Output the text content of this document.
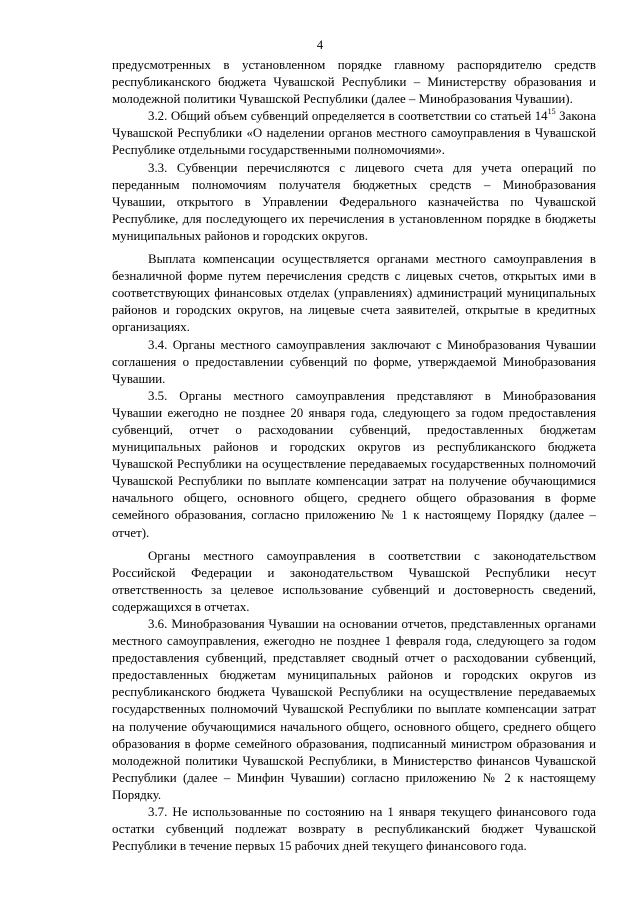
4

предусмотренных в установленном порядке главному распорядителю средств республиканского бюджета Чувашской Республики – Министерству образования и молодежной политики Чувашской Республики (далее – Минобразования Чувашии).

3.2. Общий объем субвенций определяется в соответствии со статьей $14^{15}$ Закона Чувашской Республики «О наделении органов местного самоуправления в Чувашской Республике отдельными государственными полномочиями».

3.3. Субвенции перечисляются с лицевого счета для учета операций по переданным полномочиям получателя бюджетных средств – Минобразования Чувашии, открытого в Управлении Федерального казначейства по Чувашской Республике, для последующего их перечисления в установленном порядке в бюджеты муниципальных районов и городских округов.

Выплата компенсации осуществляется органами местного самоуправления в безналичной форме путем перечисления средств с лицевых счетов, открытых ими в соответствующих финансовых отделах (управлениях) администраций муниципальных районов и городских округов, на лицевые счета заявителей, открытые в кредитных организациях.

3.4. Органы местного самоуправления заключают с Минобразования Чувашии соглашения о предоставлении субвенций по форме, утверждаемой Минобразования Чувашии.

3.5. Органы местного самоуправления представляют в Минобразования Чувашии ежегодно не позднее 20 января года, следующего за годом предоставления субвенций, отчет о расходовании субвенций, предоставленных бюджетам муниципальных районов и городских округов из республиканского бюджета Чувашской Республики на осуществление передаваемых государственных полномочий Чувашской Республики по выплате компенсации затрат на получение обучающимися начального общего, основного общего, среднего общего образования в форме семейного образования, согласно приложению № 1 к настоящему Порядку (далее – отчет).

Органы местного самоуправления в соответствии с законодательством Российской Федерации и законодательством Чувашской Республики несут ответственность за целевое использование субвенций и достоверность сведений, содержащихся в отчетах.

3.6. Минобразования Чувашии на основании отчетов, представленных органами местного самоуправления, ежегодно не позднее 1 февраля года, следующего за годом предоставления субвенций, представляет сводный отчет о расходовании субвенций, предоставленных бюджетам муниципальных районов и городских округов из республиканского бюджета Чувашской Республики на осуществление передаваемых государственных полномочий Чувашской Республики по выплате компенсации затрат на получение обучающимися начального общего, основного общего, среднего общего образования в форме семейного образования, подписанный министром образования и молодежной политики Чувашской Республики, в Министерство финансов Чувашской Республики (далее – Минфин Чувашии) согласно приложению № 2 к настоящему Порядку.

3.7. Не использованные по состоянию на 1 января текущего финансового года остатки субвенций подлежат возврату в республиканский бюджет Чувашской Республики в течение первых 15 рабочих дней текущего финансового года.
